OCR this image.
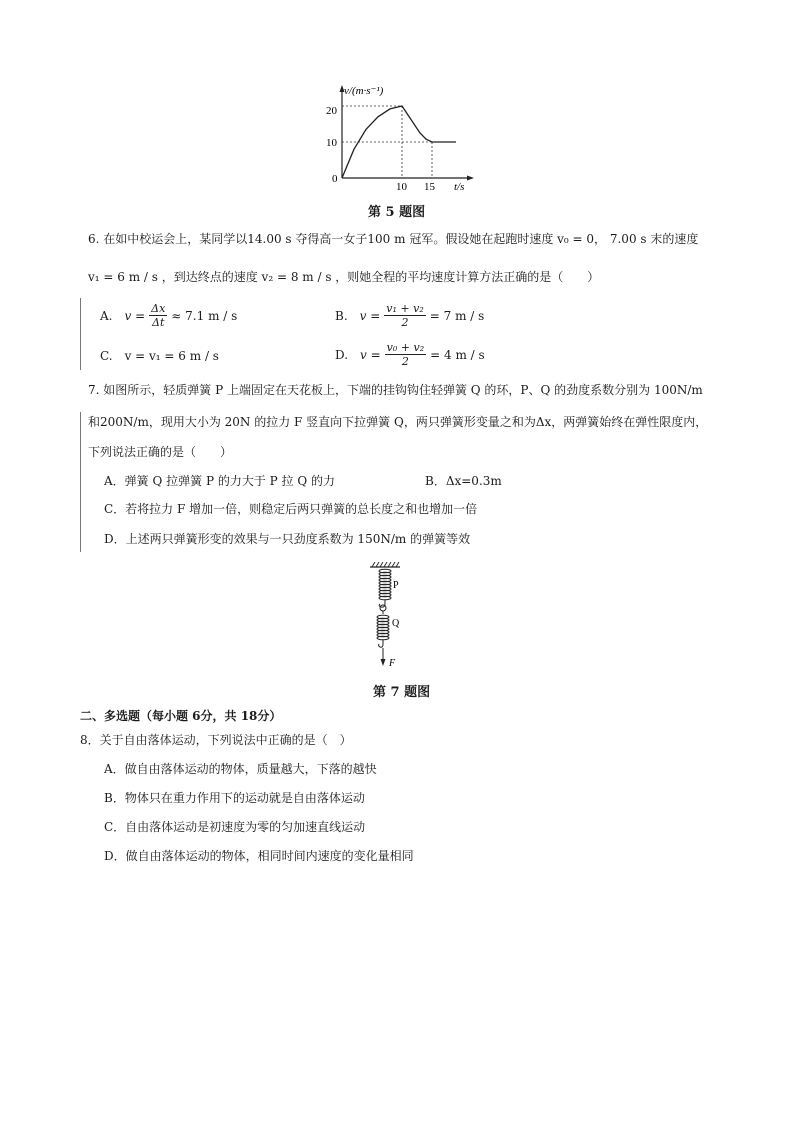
v/(m·s⁻¹)
0
10
20
10 15 t/s
第 5 题图
6. 在如中校运会上，某同学以14.00 s 夺得高一女子100 m 冠军。假设她在起跑时速度 v₀ = 0， 7.00 s 末的速度
v₁ = 6 m / s ，到达终点的速度 v₂ = 8 m / s ，则她全程的平均速度计算方法正确的是（　　）
A. $v = \frac{\Delta x}{\Delta t} \approx 7.1$ m / s	B. $v = \frac{\text{v₁ + v₂}}{2} = 7$ m / s
C.　v = v₁ = 6 m / s	D. $v = \frac{\text{v₀ + v₂}}{2} = 4$ m / s
7. 如图所示，轻质弹簧 P 上端固定在天花板上，下端的挂钩钩住轻弹簧 Q 的环，P、Q 的劲度系数分别为 100N/m
和200N/m，现用大小为 20N 的拉力 F 竖直向下拉弹簧 Q，两只弹簧形变量之和为Δx，两弹簧始终在弹性限度内，
下列说法正确的是（　　）
A．弹簧 Q 拉弹簧 P 的力大于 P 拉 Q 的力	B．Δx=0.3m
C．若将拉力 F 增加一倍，则稳定后两只弹簧的总长度之和也增加一倍
D．上述两只弹簧形变的效果与一只劲度系数为 150N/m 的弹簧等效
P
Q
F
第 7 题图
二、多选题（每小题 6分，共 18分）
8．关于自由落体运动，下列说法中正确的是（　）
A．做自由落体运动的物体，质量越大，下落的越快
B．物体只在重力作用下的运动就是自由落体运动
C．自由落体运动是初速度为零的匀加速直线运动
D．做自由落体运动的物体，相同时间内速度的变化量相同
